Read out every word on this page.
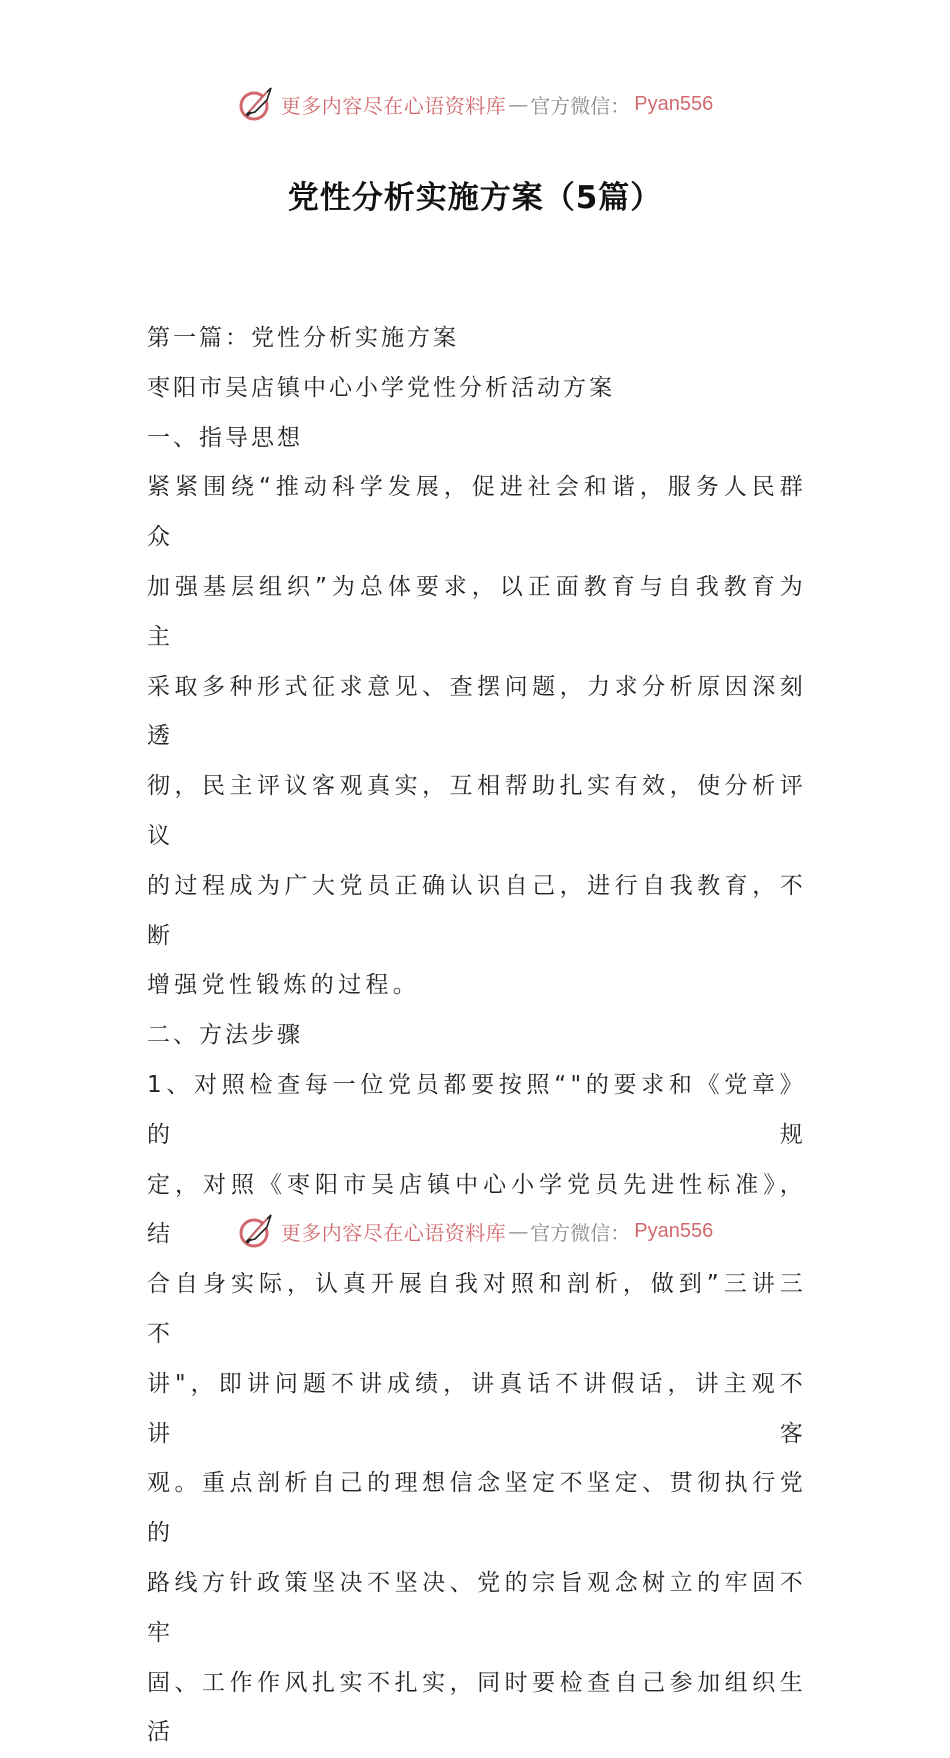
更多内容尽在心语资料库 — 官方微信： Pyan556
党性分析实施方案（5篇）

第一篇：党性分析实施方案

枣阳市吴店镇中心小学党性分析活动方案

一、指导思想

紧紧围绕“推动科学发展，促进社会和谐，服务人民群众

加强基层组织”为总体要求，以正面教育与自我教育为主

采取多种形式征求意见、查摆问题，力求分析原因深刻透

彻，民主评议客观真实，互相帮助扎实有效，使分析评议

的过程成为广大党员正确认识自己，进行自我教育，不断

增强党性锻炼的过程。

二、方法步骤

1、对照检查每一位党员都要按照“"的要求和《党章》的规

定，对照《枣阳市吴店镇中心小学党员先进性标准》，结

合自身实际，认真开展自我对照和剖析，做到”三讲三不

讲"，即讲问题不讲成绩，讲真话不讲假话，讲主观不讲客

观。重点剖析自己的理想信念坚定不坚定、贯彻执行党的

路线方针政策坚决不坚决、党的宗旨观念树立的牢固不牢

固、工作作风扎实不扎实，同时要检查自己参加组织生活

更多内容尽在心语资料库 — 官方微信： Pyan556
